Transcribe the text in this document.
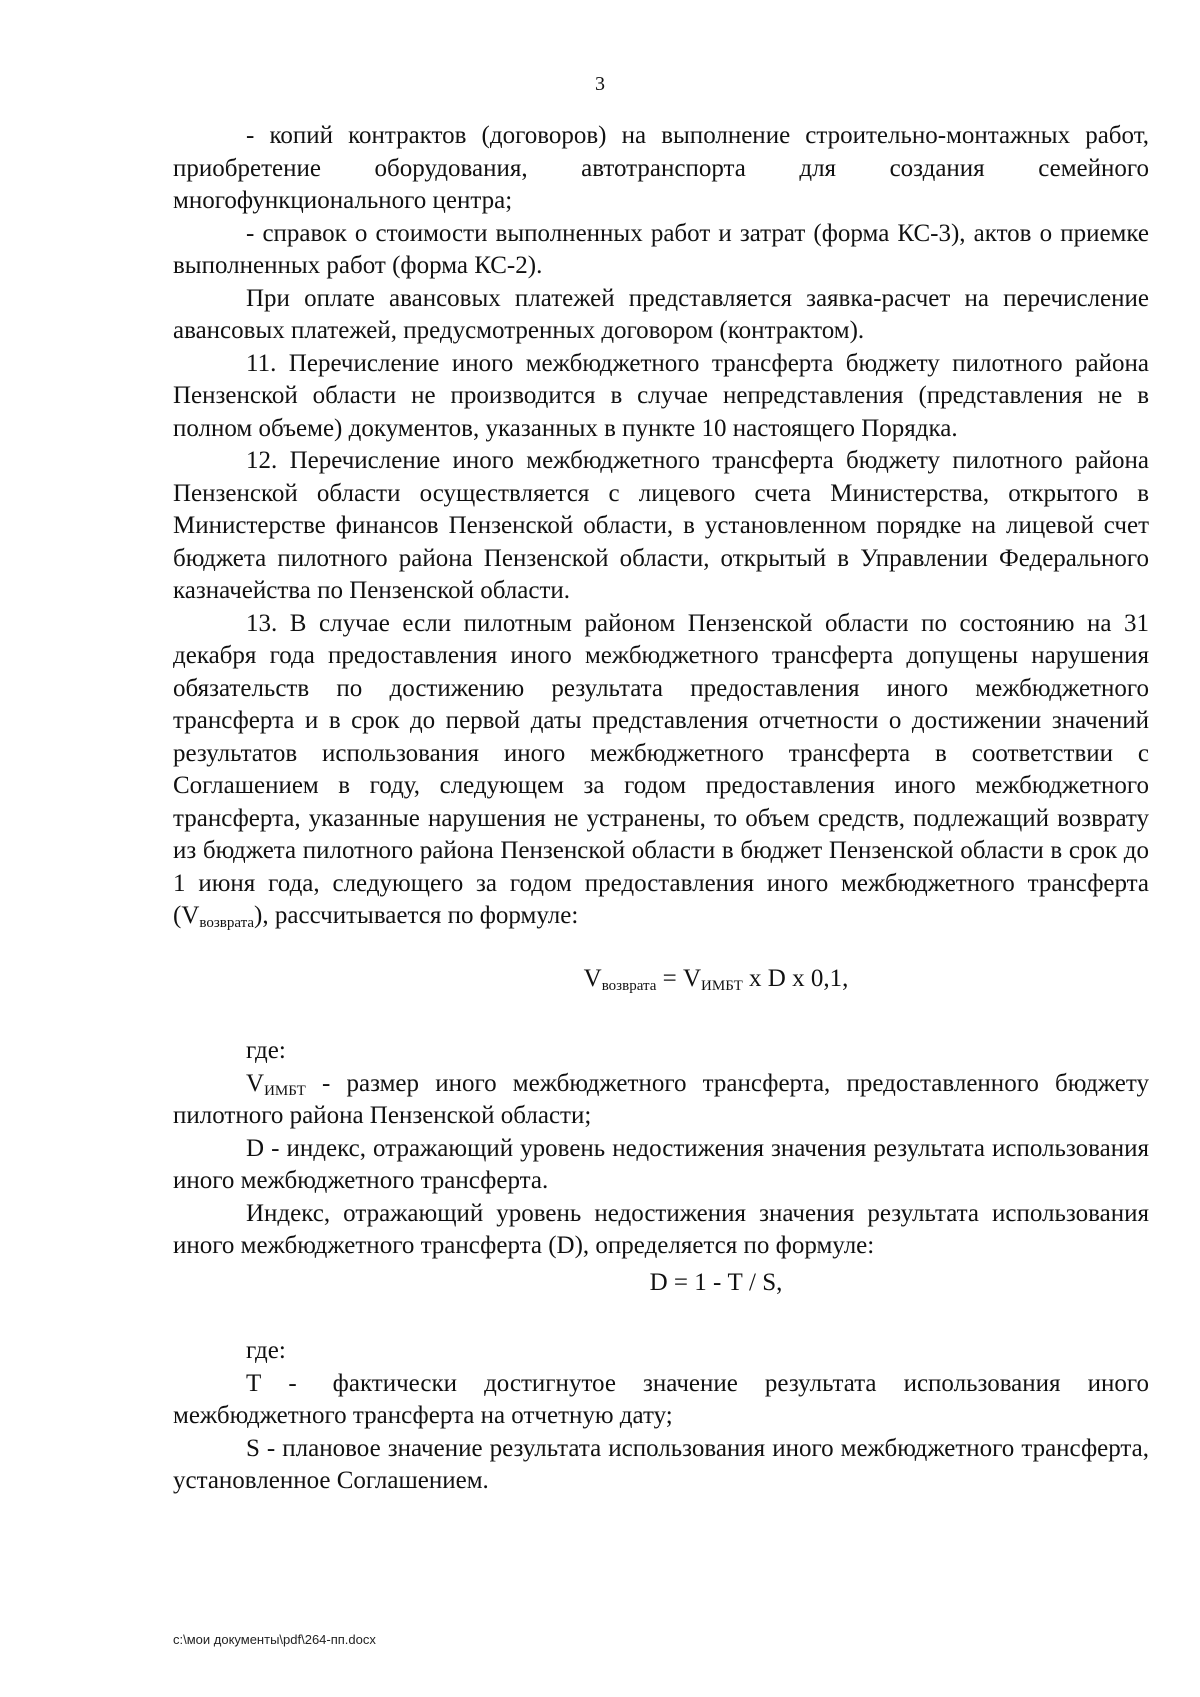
3

- копий контрактов (договоров) на выполнение строительно-монтажных работ, приобретение оборудования, автотранспорта для создания семейного многофункционального центра;

- справок о стоимости выполненных работ и затрат (форма КС-3), актов о приемке выполненных работ (форма КС-2).

При оплате авансовых платежей представляется заявка-расчет на перечисление авансовых платежей, предусмотренных договором (контрактом).

11. Перечисление иного межбюджетного трансферта бюджету пилотного района Пензенской области не производится в случае непредставления (представления не в полном объеме) документов, указанных в пункте 10 настоящего Порядка.

12. Перечисление иного межбюджетного трансферта бюджету пилотного района Пензенской области осуществляется с лицевого счета Министерства, открытого в Министерстве финансов Пензенской области, в установленном порядке на лицевой счет бюджета пилотного района Пензенской области, открытый в Управлении Федерального казначейства по Пензенской области.

13. В случае если пилотным районом Пензенской области по состоянию на 31 декабря года предоставления иного межбюджетного трансферта допущены нарушения обязательств по достижению результата предоставления иного межбюджетного трансферта и в срок до первой даты представления отчетности о достижении значений результатов использования иного межбюджетного трансферта в соответствии с Соглашением в году, следующем за годом предоставления иного межбюджетного трансферта, указанные нарушения не устранены, то объем средств, подлежащий возврату из бюджета пилотного района Пензенской области в бюджет Пензенской области в срок до 1 июня года, следующего за годом предоставления иного межбюджетного трансферта $(V_{возврата})$, рассчитывается по формуле:

$V_{возврата} = V_{ИМБТ}$ x D x 0,1,

где:

$V_{ИМБТ}$ - размер иного межбюджетного трансферта, предоставленного бюджету пилотного района Пензенской области;

D - индекс, отражающий уровень недостижения значения результата использования иного межбюджетного трансферта.

Индекс, отражающий уровень недостижения значения результата использования иного межбюджетного трансферта (D), определяется по формуле:

D = 1 - Т / S,

где:

Т - фактически достигнутое значение результата использования иного межбюджетного трансферта на отчетную дату;

S - плановое значение результата использования иного межбюджетного трансферта, установленное Соглашением.

c:\мои документы\pdf\264-пп.docx
